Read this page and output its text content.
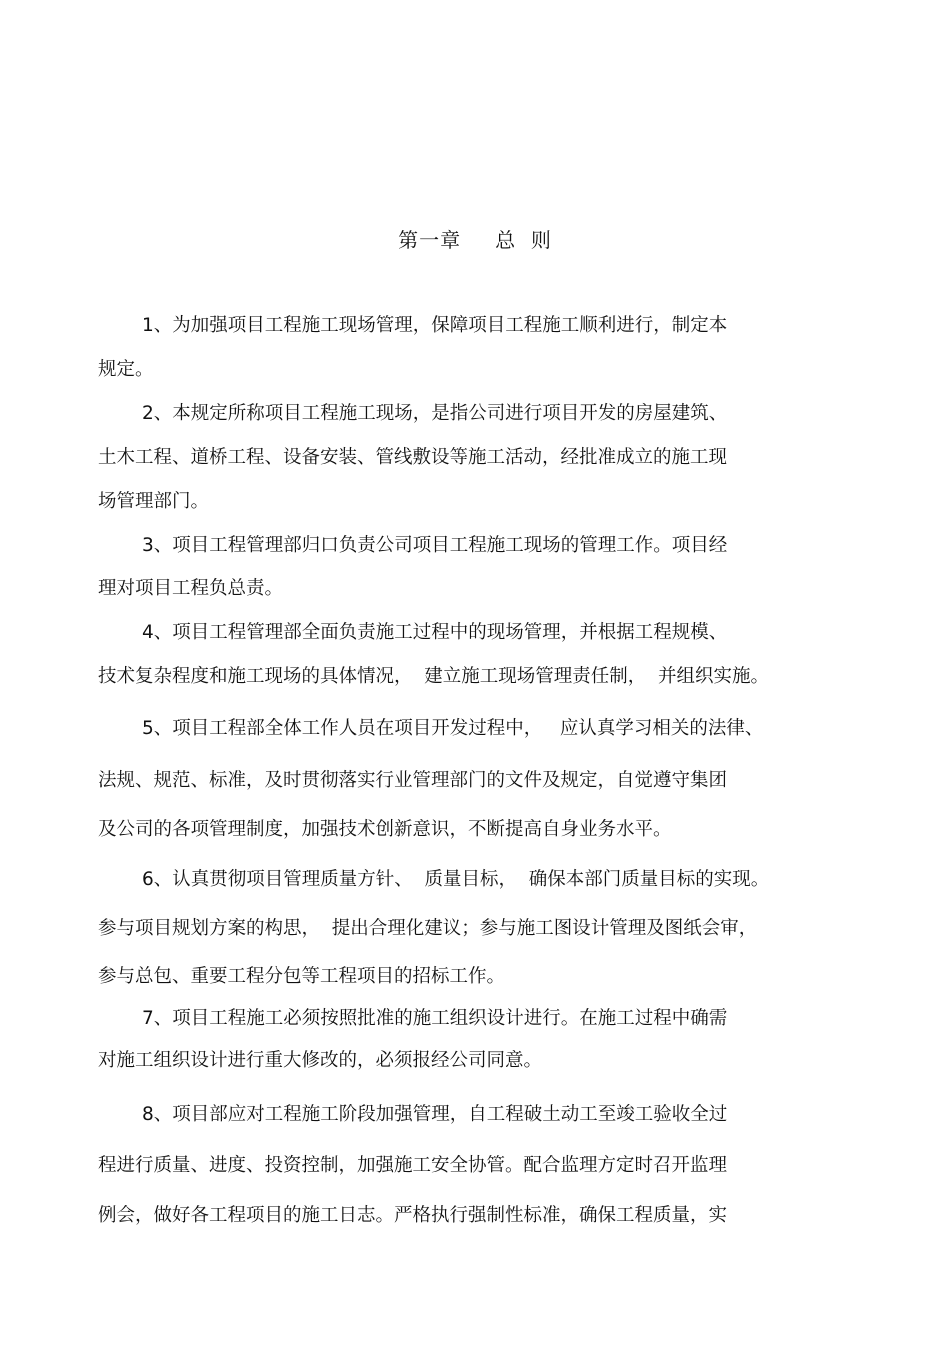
第一章 总  则
1、为加强项目工程施工现场管理，保障项目工程施工顺利进行，制定本
规定。
2、本规定所称项目工程施工现场，是指公司进行项目开发的房屋建筑、
土木工程、道桥工程、设备安装、管线敷设等施工活动，经批准成立的施工现
场管理部门。
3、项目工程管理部归口负责公司项目工程施工现场的管理工作。项目经
理对项目工程负总责。
4、项目工程管理部全面负责施工过程中的现场管理，并根据工程规模、
技术复杂程度和施工现场的具体情况，  建立施工现场管理责任制，  并组织实施。
5、项目工程部全体工作人员在项目开发过程中，   应认真学习相关的法律、
法规、规范、标准，及时贯彻落实行业管理部门的文件及规定，自觉遵守集团
及公司的各项管理制度，加强技术创新意识，不断提高自身业务水平。
6、认真贯彻项目管理质量方针、  质量目标，  确保本部门质量目标的实现。
参与项目规划方案的构思，  提出合理化建议；参与施工图设计管理及图纸会审，
参与总包、重要工程分包等工程项目的招标工作。
7、项目工程施工必须按照批准的施工组织设计进行。在施工过程中确需
对施工组织设计进行重大修改的，必须报经公司同意。
8、项目部应对工程施工阶段加强管理，自工程破土动工至竣工验收全过
程进行质量、进度、投资控制，加强施工安全协管。配合监理方定时召开监理
例会，做好各工程项目的施工日志。严格执行强制性标准，确保工程质量，实
